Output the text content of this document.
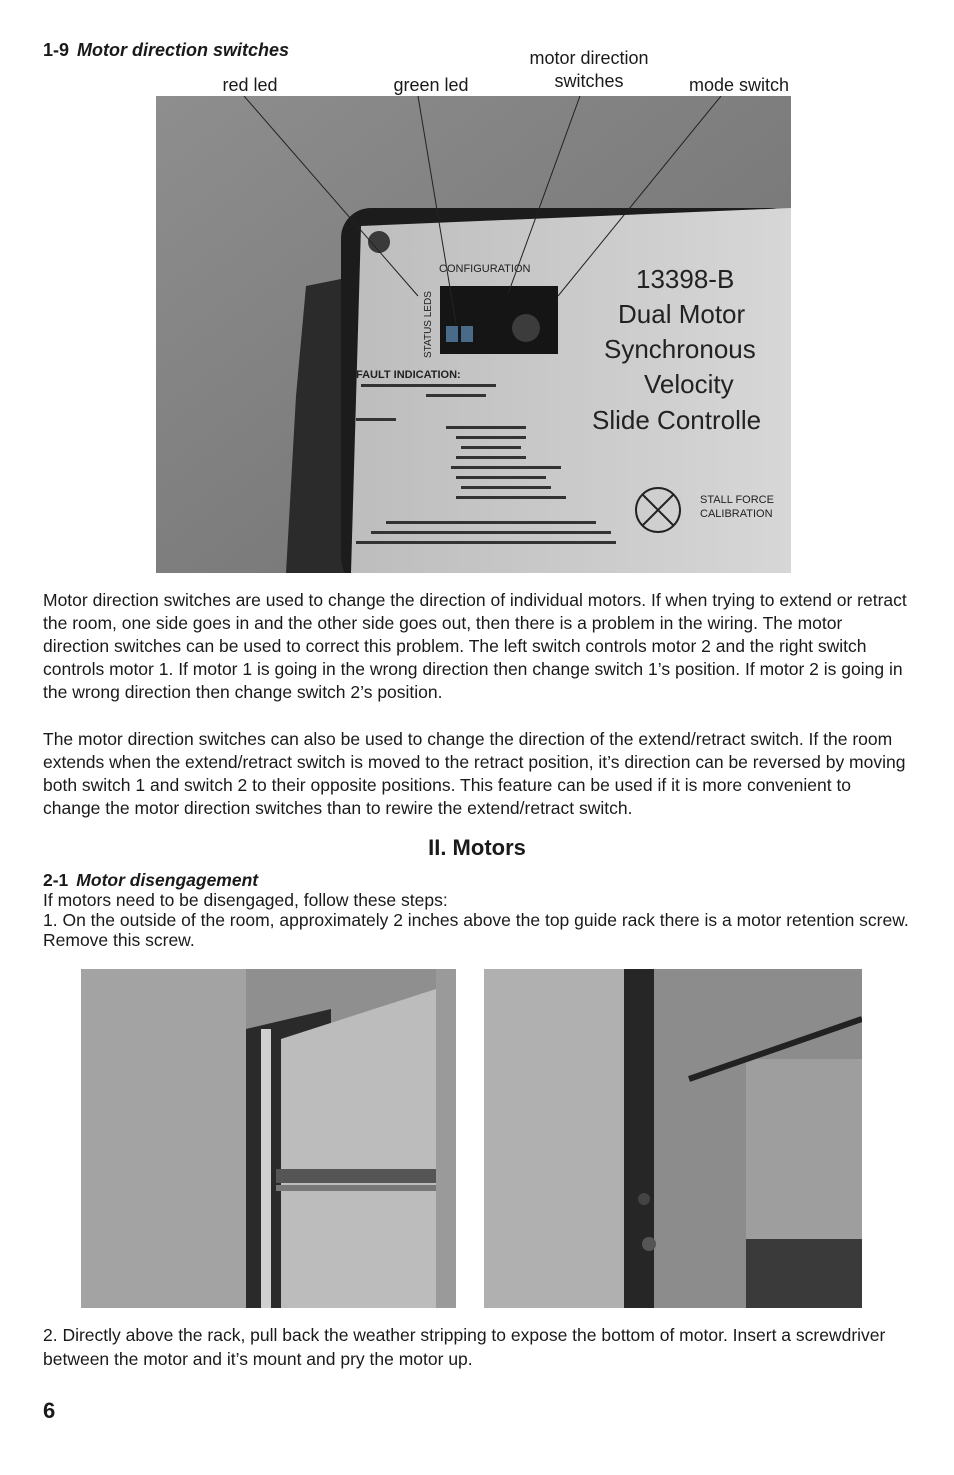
1-9 Motor direction switches
red led	green led
motor direction
switches	mode switch
CONFIGURATION
STATUS LEDS
FAULT INDICATION:
13398-B
Dual Motor
Synchronous
Velocity
Slide Controlle
STALL FORCE
CALIBRATION
Motor direction switches are used to change the direction of individual motors. If when trying to extend or retract the room, one side goes in and the other side goes out, then there is a problem in the wiring. The motor direction switches can be used to correct this problem. The left switch controls motor 2 and the right switch controls motor 1. If motor 1 is going in the wrong direction then change switch 1’s position. If motor 2 is going in the wrong direction then change switch 2’s position.
The motor direction switches can also be used to change the direction of the extend/retract switch. If the room extends when the extend/retract switch is moved to the retract position, it’s direction can be reversed by moving both switch 1 and switch 2 to their opposite positions. This feature can be used if it is more convenient to change the motor direction switches than to rewire the extend/retract switch.
II. Motors
2-1 Motor disengagement
If motors need to be disengaged, follow these steps:
1. On the outside of the room, approximately 2 inches above the top guide rack there is a motor retention screw. Remove this screw.
2. Directly above the rack, pull back the weather stripping to expose the bottom of motor. Insert a screwdriver between the motor and it’s mount and pry the motor up.
6
